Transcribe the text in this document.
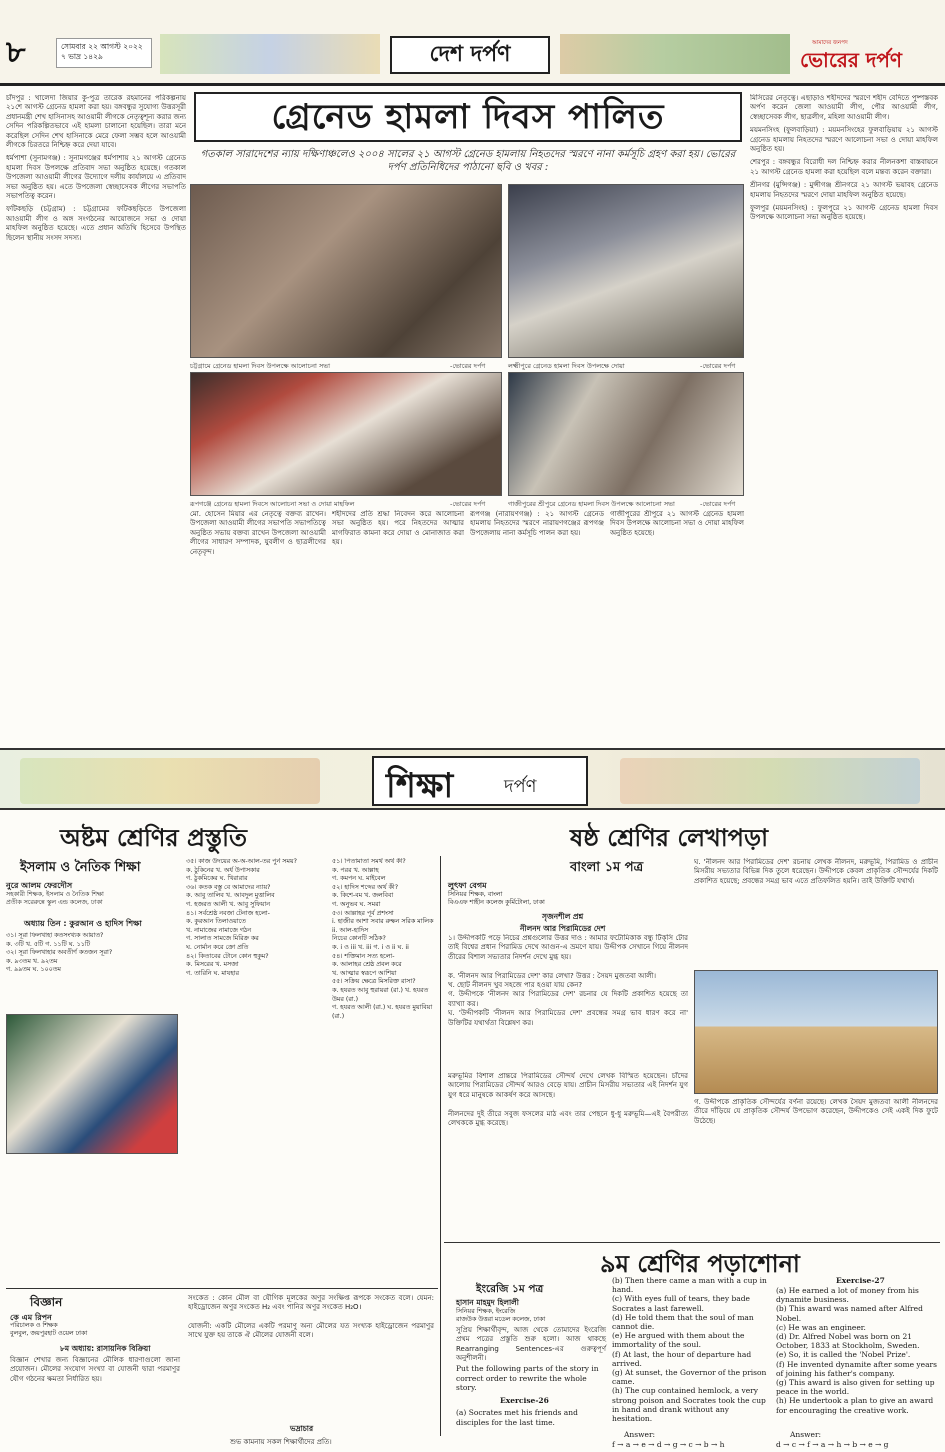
৮	সোমবার ২২ আগস্ট ২০২২
৭ ভাদ্র ১৪২৯	দেশ দর্পণ	আমাদের জনপদ
ভোরের দর্পণ

চাঁদপুর : খালেদা জিয়ার কু-পুত্র তারেক রহমানের পরিকল্পনায় ২১শে আগস্ট গ্রেনেড হামলা করা হয়। বঙ্গবন্ধুর সুযোগ্য উত্তরসূরী প্রধানমন্ত্রী শেখ হাসিনাসহ আওয়ামী লীগকে নেতৃত্বশূন্য করার জন্য সেদিন পরিকল্পিতভাবে এই হামলা চালানো হয়েছিল। তারা মনে করেছিল সেদিন শেখ হাসিনাকে মেরে ফেলা সম্ভব হলে আওয়ামী লীগকে চিরতরে নিশ্চিহ্ন করে দেয়া যাবে।

ধর্মপাশা (সুনামগঞ্জ) : সুনামগঞ্জের ধর্মপাশায় ২১ আগস্ট গ্রেনেড হামলা দিবস উপলক্ষে প্রতিবাদ সভা অনুষ্ঠিত হয়েছে। গতকাল উপজেলা আওয়ামী লীগের উদ্যোগে দলীয় কার্যালয়ে এ প্রতিবাদ সভা অনুষ্ঠিত হয়। এতে উপজেলা স্বেচ্ছাসেবক লীগের সভাপতি সভাপতিত্ব করেন।

ফটিকছড়ি (চট্টগ্রাম) : চট্টগ্রামের ফটিকছড়িতে উপজেলা আওয়ামী লীগ ও অঙ্গ সংগঠনের আয়োজনে সভা ও দোয়া মাহফিল অনুষ্ঠিত হয়েছে। এতে প্রধান অতিথি হিসেবে উপস্থিত ছিলেন স্থানীয় সংসদ সদস্য।

গ্রেনেড হামলা দিবস পালিত
গতকাল সারাদেশের ন্যায় দক্ষিণাঞ্চলেও ২০০৪ সালের ২১ আগস্ট গ্রেনেড হামলায় নিহতদের স্মরণে নানা কর্মসূচি গ্রহণ করা হয়। ভোরের দর্পণ প্রতিনিধিদের পাঠানো ছবি ও খবর :
চট্টগ্রামে গ্রেনেড হামলা দিবস উপলক্ষে আলোচনা সভা	-ভোরের দর্পণ	লক্ষ্মীপুরে গ্রেনেড হামলা দিবস উপলক্ষে দোয়া	-ভোরের দর্পণ
রূপগঞ্জে গ্রেনেড হামলা দিবসে আলোচনা সভা ও দোয়া মাহফিল	-ভোরের দর্পণ	গাজীপুরের শ্রীপুরে গ্রেনেড হামলা দিবস উপলক্ষে আলোচনা সভা	-ভোরের দর্পণ
মো. হোসেন মিয়ার এর নেতৃত্বে বক্তব্য রাখেন। উপজেলা আওয়ামী লীগের সভাপতি সভাপতিত্বে অনুষ্ঠিত সভায় বক্তব্য রাখেন উপজেলা আওয়ামী লীগের সাধারণ সম্পাদক, যুবলীগ ও ছাত্রলীগের নেতৃবৃন্দ।
শহীদদের প্রতি শ্রদ্ধা নিবেদন করে আলোচনা সভা অনুষ্ঠিত হয়। পরে নিহতদের আত্মার মাগফিরাত কামনা করে দোয়া ও মোনাজাত করা হয়।
রূপগঞ্জ (নারায়ণগঞ্জ) : ২১ আগস্ট গ্রেনেড হামলায় নিহতদের স্মরণে নারায়ণগঞ্জের রূপগঞ্জ উপজেলায় নানা কর্মসূচি পালন করা হয়।
গাজীপুরের শ্রীপুরে ২১ আগস্ট গ্রেনেড হামলা দিবস উপলক্ষে আলোচনা সভা ও দোয়া মাহফিল অনুষ্ঠিত হয়েছে।

মিসিরের নেতৃত্বে। এছাড়াও শহীদদের স্মরণে শহীদ বেদিতে পুষ্পস্তবক অর্পণ করেন জেলা আওয়ামী লীগ, পৌর আওয়ামী লীগ, স্বেচ্ছাসেবক লীগ, ছাত্রলীগ, মহিলা আওয়ামী লীগ।

ময়মনসিংহ (ফুলবাড়িয়া) : ময়মনসিংহের ফুলবাড়িয়ায় ২১ আগস্ট গ্রেনেড হামলায় নিহতদের স্মরণে আলোচনা সভা ও দোয়া মাহফিল অনুষ্ঠিত হয়।

শেরপুর : বঙ্গবন্ধুর বিরোধী দল নিশ্চিহ্ন করার নীলনকশা বাস্তবায়নে ২১ আগস্ট গ্রেনেড হামলা করা হয়েছিল বলে মন্তব্য করেন বক্তারা।

শ্রীনগর (মুন্সিগঞ্জ) : মুন্সীগঞ্জ শ্রীনগরে ২১ আগস্ট ভয়াবহ গ্রেনেড হামলায় নিহতদের স্মরণে দোয়া মাহফিল অনুষ্ঠিত হয়েছে।

ফুলপুর (ময়মনসিংহ) : ফুলপুরে ২১ আগস্ট গ্রেনেড হামলা দিবস উপলক্ষে আলোচনা সভা অনুষ্ঠিত হয়েছে।

শিক্ষা	দর্পণ
অষ্টম শ্রেণির প্রস্তুতি	ষষ্ঠ শ্রেণির লেখাপড়া
ইসলাম ও নৈতিক শিক্ষা
নুরে আলম ফেরদৌস
সহকারী শিক্ষক, ইসলাম ও নৈতিক শিক্ষা
প্রতীক সরেরুন্নে স্কুল এন্ড কলেজ, ঢাকা
অধ্যায় তিন : কুরআন ও হাদিস শিক্ষা
৩১। সূরা ফিলখাহা কতসংখ্যক আয়াত?
ক. ৩টি খ. ৫টি গ. ১১টি ঘ. ১১টি
৩২। সূরা ফিলখাহার অবতীর্ণ কতজন সূরা?
ক. ৯৩তম খ. ৯২তম
গ. ৯৯তম ঘ. ১০০তম
৩৫। কাজ উদয়ের অ-অ-আল-তর পুর্ন সময়?
ক. ঠুকিনের খ. অর্ধ উপাসকার
গ. ঠুকমিকের ঘ. খিরারার
৩৬। কতক বস্তু বে আমাদের ন্যায়?
ক. আবু তালিব খ. আবদুল মুত্তালিব
গ. হজরত আলী খ. আবু সুফিয়ান
৪১। সর্বশ্রেষ্ঠ নবজা টেনাজ হলো-
ক. কুরআন তিলাওয়াতে
খ. নামাজের নামাজে গঠন
গ. সালাত সামজে মিরিক্র কর
ঘ. নোর্মান করে ক্রো প্রতি
৪২। কিতাবের টোনে কোন হুকুম?
ক. মিসরের খ. মসজা
গ. তারিনি ঘ. মাযহার
৫১। পিতামাতা সমর্থ অর্থ কী?
ক. পরর খ. আল্লাহ
গ. কমপন ঘ. মাইবেল
৫২। হাদিস শব্দের অর্থ কী?
ক. কিশে-বম খ. জলবিবা
গ. অনুভব ঘ. সমরা
৫৩। আল্লাহর পূর্ব প্রশংসা
i. হাজীর আশা সবার রুক্ষন সরিক মালিক
ii. আল-হাদিস
নিচের কোনটি সঠিক?
ক. i ও iii খ. iii গ. i ও ii ঘ. ii
৫৪। শক্তিমান সত্য হলো-
ক. আলাহর শ্রেষ্ঠ প্রবল করে
খ. আত্মার স্বরূপে আশিয়া
৫৫। সক্রিয় ক্ষেত্রে মিসরিক্ত রাসা?
ক. হযরত আবু হুরায়রা (রা.) খ. হযরত উমর (রা.)
গ. হযরত আলী (রা.) ঘ. হযরত মুয়াবিয়া (রা.)
বিজ্ঞান
কে এম রিপন
পরিচালক ও শিক্ষক
বুলবুল, জয়পুরহাট ওয়েল ঢাকা
৮ম অধ্যায়: রাসায়নিক বিক্রিয়া
বিজ্ঞান শেখার জন্য বিজ্ঞানের মৌলিক ধারণাগুলো জানা প্রয়োজন। মৌলের সংযোগ সংখ্যা বা যোজনী দ্বারা পরমাণুর যৌগ গঠনের ক্ষমতা নির্ধারিত হয়।
সংকেত : কোন মৌল বা যৌগিক মূলকের অণুর সংক্ষিপ্ত রূপকে সংকেত বলে। যেমন: হাইড্রোজেন অণুর সংকেত H₂ এবং পানির অণুর সংকেত H₂O।
যোজনী: একটি মৌলের একটি পরমাণু অন্য মৌলের যত সংখ্যক হাইড্রোজেন পরমাণুর সাথে যুক্ত হয় তাকে ঐ মৌলের যোজনী বলে।
ভদ্রাচার
শুভ কামনায় সকল শিক্ষার্থীদের প্রতি।
বাংলা ১ম পত্র
লুৎফা বেগম
সিনিয়র শিক্ষক, বাংলা
বিএএফ শাহীন কলেজ কুর্মিটোলা, ঢাকা
সৃজনশীল প্রশ্ন
নীলনদ আর পিরামিডের দেশ
১। উদ্দীপকটি পড়ে নিচের প্রশ্নগুলোর উত্তর দাও : আমার ফটোমিকাক বন্ধু টিক্‌সি টোর তাই বিশ্বের প্রধান পিরামিড দেখে আগুন-এ ভ্রমণে যায়। উদ্দীপক সেখানে গিয়ে নীলনদ তীরের বিশাল সভ্যতার নিদর্শন দেখে মুগ্ধ হয়।

ক. 'নীলনদ আর পিরামিডের দেশ' কার লেখা? উত্তর : সৈয়দ মুজতবা আলী।
খ. ছোট নীলনদ খুব সহজে পার হওয়া যায় কেন?
গ. উদ্দীপকে 'নীলনদ আর পিরামিডের দেশ' রচনার যে দিকটি প্রকাশিত হয়েছে তা ব্যাখ্যা কর।
ঘ. 'উদ্দীপকটি 'নীলনদ আর পিরামিডের দেশ' প্রবন্ধের সমগ্র ভাব ধারণ করে না' উক্তিটির যথার্থতা বিশ্লেষণ কর।
মরুভূমির বিশাল প্রান্তরে পিরামিডের সৌন্দর্য দেখে লেখক বিস্মিত হয়েছেন। চাঁদের আলোয় পিরামিডের সৌন্দর্য আরও বেড়ে যায়। প্রাচীন মিসরীয় সভ্যতার এই নিদর্শন যুগ যুগ ধরে মানুষকে আকর্ষণ করে আসছে।

নীলনদের দুই তীরে সবুজ ফসলের মাঠ এবং তার পেছনে ধু-ধু মরুভূমি—এই বৈপরীত্য লেখককে মুগ্ধ করেছে।
ঘ. 'নীলনদ আর পিরামিডের দেশ' রচনায় লেখক নীলনদ, মরুভূমি, পিরামিড ও প্রাচীন মিসরীয় সভ্যতার বিভিন্ন দিক তুলে ধরেছেন। উদ্দীপকে কেবল প্রাকৃতিক সৌন্দর্যের দিকটি প্রকাশিত হয়েছে; প্রবন্ধের সমগ্র ভাব এতে প্রতিফলিত হয়নি। তাই উক্তিটি যথার্থ।
গ. উদ্দীপকে প্রাকৃতিক সৌন্দর্যের বর্ণনা রয়েছে। লেখক সৈয়দ মুজতবা আলী নীলনদের তীরে দাঁড়িয়ে যে প্রাকৃতিক সৌন্দর্য উপভোগ করেছেন, উদ্দীপকেও সেই একই দিক ফুটে উঠেছে।
৯ম শ্রেণির পড়াশোনা
ইংরেজি ১ম পত্র
হাসান মাহমুদ হিলালী
সিনিয়র শিক্ষক, ইংরেজি
রাজউক উত্তরা মডেল কলেজ, ঢাকা
সুপ্রিয় শিক্ষার্থীবৃন্দ, আজ থেকে তোমাদের ইংরেজি প্রথম পত্রের প্রস্তুতি শুরু হলো। আজ থাকছে Rearranging Sentences-এর গুরুত্বপূর্ণ অনুশীলনী।
Put the following parts of the story in correct order to rewrite the whole story.
Exercise-26
(a) Socrates met his friends and disciples for the last time.
(b) Then there came a man with a cup in hand.
(c) With eyes full of tears, they bade Socrates a last farewell.
(d) He told them that the soul of man cannot die.
(e) He argued with them about the immortality of the soul.
(f) At last, the hour of departure had arrived.
(g) At sunset, the Governor of the prison came.
(h) The cup contained hemlock, a very strong poison and Socrates took the cup in hand and drank without any hesitation.
Answer:
f → a → e → d → g → c → b → h
Exercise-27
(a) He earned a lot of money from his dynamite business.
(b) This award was named after Alfred Nobel.
(c) He was an engineer.
(d) Dr. Alfred Nobel was born on 21 October, 1833 at Stockholm, Sweden.
(e) So, it is called the 'Nobel Prize'.
(f) He invented dynamite after some years of joining his father's company.
(g) This award is also given for setting up peace in the world.
(h) He undertook a plan to give an award for encouraging the creative work.
Answer:
d → c → f → a → h → b → e → g
